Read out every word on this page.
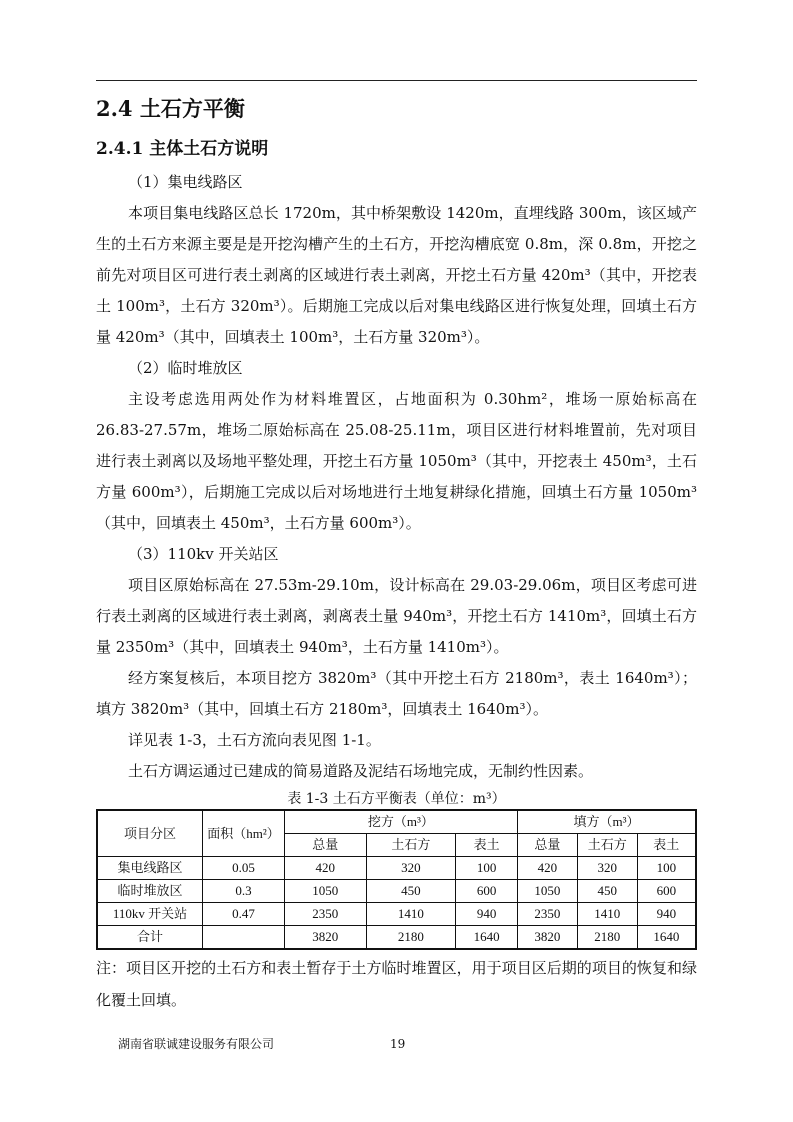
2.4 土石方平衡
2.4.1 主体土石方说明

（1）集电线路区

本项目集电线路区总长 1720m，其中桥架敷设 1420m，直埋线路 300m，该区域产生的土石方来源主要是是开挖沟槽产生的土石方，开挖沟槽底宽 0.8m，深 0.8m，开挖之前先对项目区可进行表土剥离的区域进行表土剥离，开挖土石方量 420m³（其中，开挖表土 100m³，土石方 320m³）。后期施工完成以后对集电线路区进行恢复处理，回填土石方量 420m³（其中，回填表土 100m³，土石方量 320m³）。

（2）临时堆放区

主设考虑选用两处作为材料堆置区，占地面积为 0.30hm²，堆场一原始标高在 26.83-27.57m，堆场二原始标高在 25.08-25.11m，项目区进行材料堆置前，先对项目进行表土剥离以及场地平整处理，开挖土石方量 1050m³（其中，开挖表土 450m³，土石方量 600m³），后期施工完成以后对场地进行土地复耕绿化措施，回填土石方量 1050m³（其中，回填表土 450m³，土石方量 600m³）。

（3）110kv 开关站区

项目区原始标高在 27.53m-29.10m，设计标高在 29.03-29.06m，项目区考虑可进行表土剥离的区域进行表土剥离，剥离表土量 940m³，开挖土石方 1410m³，回填土石方量 2350m³（其中，回填表土 940m³，土石方量 1410m³）。

经方案复核后，本项目挖方 3820m³（其中开挖土石方 2180m³，表土 1640m³）；填方 3820m³（其中，回填土石方 2180m³，回填表土 1640m³）。

详见表 1-3，土石方流向表见图 1-1。

土石方调运通过已建成的简易道路及泥结石场地完成，无制约性因素。

表 1-3 土石方平衡表（单位：m³）
项目分区	面积（hm²）	挖方（m³）			填方（m³）		
		总量	土石方	表土	总量	土石方	表土
集电线路区	0.05	420	320	100	420	320	100
临时堆放区	0.3	1050	450	600	1050	450	600
110kv 开关站	0.47	2350	1410	940	2350	1410	940
合计		3820	2180	1640	3820	2180	1640
注：项目区开挖的土石方和表土暂存于土方临时堆置区，用于项目区后期的项目的恢复和绿化覆土回填。
湖南省联诚建设服务有限公司	19
